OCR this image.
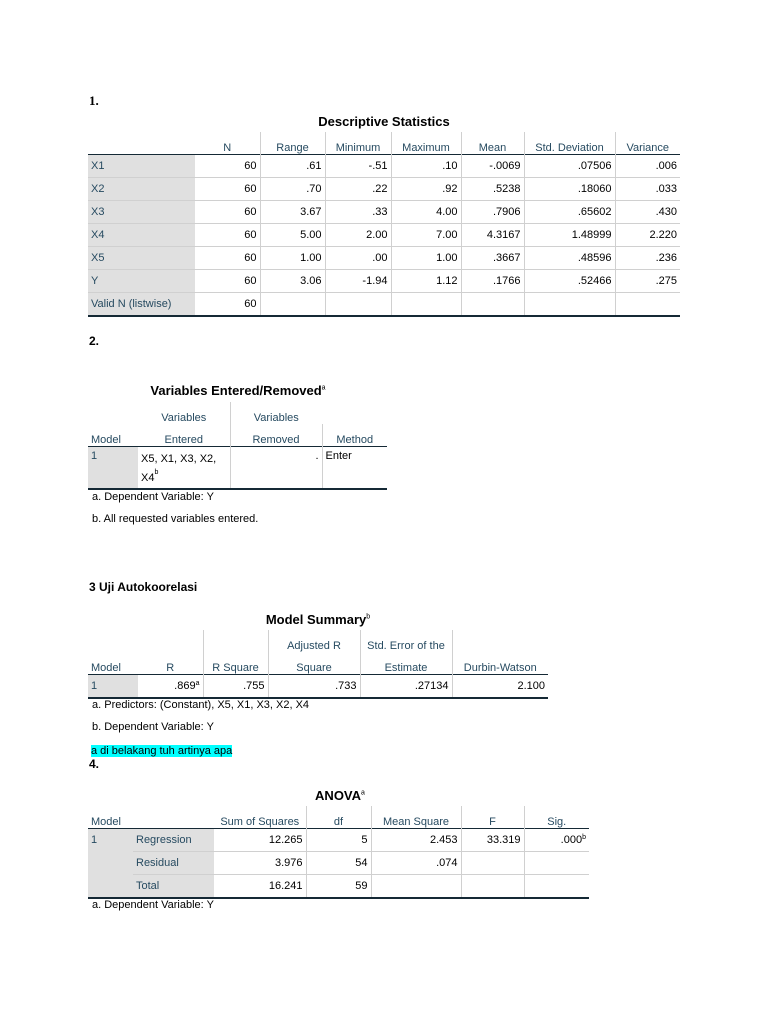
1.
Descriptive Statistics
	N	Range	Minimum	Maximum	Mean	Std. Deviation	Variance
X1	60	.61	-.51	.10	-.0069	.07506	.006
X2	60	.70	.22	.92	.5238	.18060	.033
X3	60	3.67	.33	4.00	.7906	.65602	.430
X4	60	5.00	2.00	7.00	4.3167	1.48999	2.220
X5	60	1.00	.00	1.00	.3667	.48596	.236
Y	60	3.06	-1.94	1.12	.1766	.52466	.275
Valid N (listwise)	60						
2.
Variables Entered/Removed$^a$
	Variables	Variables	
Model	Entered	Removed	Method
1	X5, X1, X3, X2,
X4$^b$	.	Enter
a. Dependent Variable: Y
b. All requested variables entered.
3 Uji Autokoorelasi
Model Summary$^b$
			Adjusted R	Std. Error of the	
Model	R	R Square	Square	Estimate	Durbin-Watson
1	.869$^a$	.755	.733	.27134	2.100
a. Predictors: (Constant), X5, X1, X3, X2, X4
b. Dependent Variable: Y
a di belakang tuh artinya apa
4.
ANOVA$^a$
Model		Sum of Squares	df	Mean Square	F	Sig.
1	Regression	12.265	5	2.453	33.319	.000$^b$
	Residual	3.976	54	.074		
	Total	16.241	59			
a. Dependent Variable: Y
